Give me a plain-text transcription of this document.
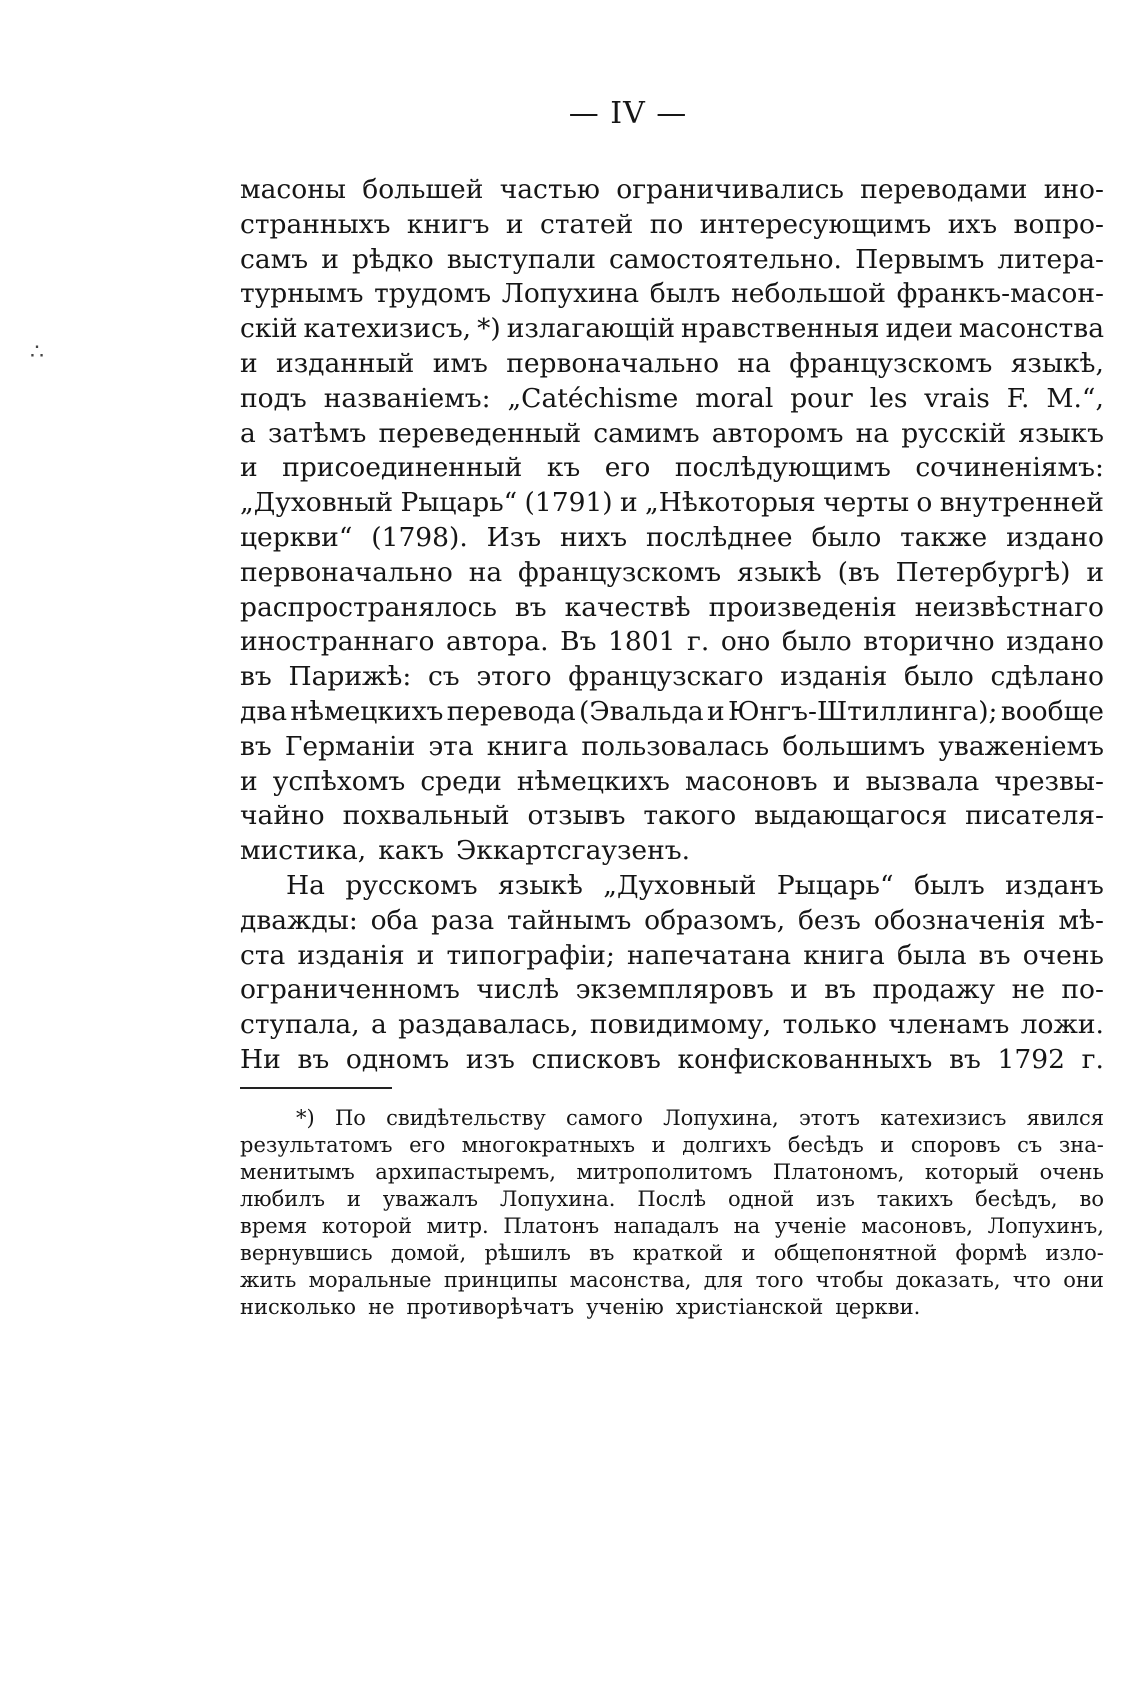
— IV —
∴
масоны большей частью ограничивались переводами ино-
странныхъ книгъ и статей по интересующимъ ихъ вопро-
самъ и рѣдко выступали самостоятельно. Первымъ литера-
турнымъ трудомъ Лопухина былъ небольшой франкъ-масон-
скій катехизисъ, *) излагающій нравственныя идеи масонства
и изданный имъ первоначально на французскомъ языкѣ,
подъ названіемъ: „Catéchisme moral pour les vrais F. M.“,
а затѣмъ переведенный самимъ авторомъ на русскій языкъ
и присоединенный къ его послѣдующимъ сочиненіямъ:
„Духовный Рыцарь“ (1791) и „Нѣкоторыя черты о внутренней
церкви“ (1798). Изъ нихъ послѣднее было также издано
первоначально на французскомъ языкѣ (въ Петербургѣ) и
распространялось въ качествѣ произведенія неизвѣстнаго
иностраннаго автора. Въ 1801 г. оно было вторично издано
въ Парижѣ: съ этого французскаго изданія было сдѣлано
два нѣмецкихъ перевода (Эвальда и Юнгъ-Штиллинга); вообще
въ Германіи эта книга пользовалась большимъ уваженіемъ
и успѣхомъ среди нѣмецкихъ масоновъ и вызвала чрезвы-
чайно похвальный отзывъ такого выдающагося писателя-
мистика, какъ Эккартсгаузенъ.
На русскомъ языкѣ „Духовный Рыцарь“ былъ изданъ
дважды: оба раза тайнымъ образомъ, безъ обозначенія мѣ-
ста изданія и типографіи; напечатана книга была въ очень
ограниченномъ числѣ экземпляровъ и въ продажу не по-
ступала, а раздавалась, повидимому, только членамъ ложи.
Ни въ одномъ изъ списковъ конфискованныхъ въ 1792 г.
*) По свидѣтельству самого Лопухина, этотъ катехизисъ явился
результатомъ его многократныхъ и долгихъ бесѣдъ и споровъ съ зна-
менитымъ архипастыремъ, митрополитомъ Платономъ, который очень
любилъ и уважалъ Лопухина. Послѣ одной изъ такихъ бесѣдъ, во
время которой митр. Платонъ нападалъ на ученіе масоновъ, Лопухинъ,
вернувшись домой, рѣшилъ въ краткой и общепонятной формѣ изло-
жить моральные принципы масонства, для того чтобы доказать, что они
нисколько не противорѣчатъ ученію христіанской церкви.
